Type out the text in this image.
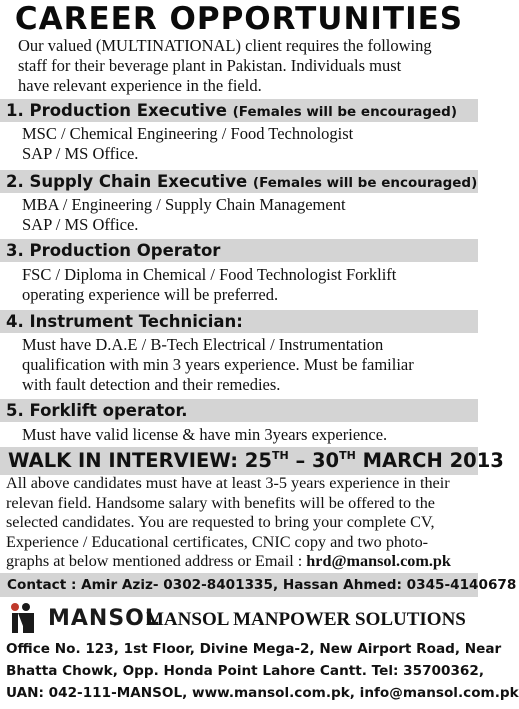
CAREER OPPORTUNITIES
Our valued (MULTINATIONAL) client requires the following
staff for their beverage plant in Pakistan. Individuals must
have relevant experience in the field.
1. Production Executive (Females will be encouraged)
MSC / Chemical Engineering / Food Technologist
SAP / MS Office.
2. Supply Chain Executive (Females will be encouraged)
MBA / Engineering / Supply Chain Management
SAP / MS Office.
3. Production Operator
FSC / Diploma in Chemical / Food Technologist Forklift
operating experience will be preferred.
4. Instrument Technician:
Must have D.A.E / B-Tech Electrical / Instrumentation
qualification with min 3 years experience. Must be familiar
with fault detection and their remedies.
5. Forklift operator.
Must have valid license & have min 3years experience.
WALK IN INTERVIEW: 25TH – 30TH MARCH 2013
All above candidates must have at least 3-5 years experience in their
relevan field. Handsome salary with benefits will be offered to the
selected candidates. You are requested to bring your complete CV,
Experience / Educational certificates, CNIC copy and two photo-
graphs at below mentioned address or Email : hrd@mansol.com.pk
Contact : Amir Aziz- 0302-8401335, Hassan Ahmed: 0345-4140678
MANSOL
MANSOL MANPOWER SOLUTIONS
Office No. 123, 1st Floor, Divine Mega-2, New Airport Road, Near
Bhatta Chowk, Opp. Honda Point Lahore Cantt. Tel: 35700362,
UAN: 042-111-MANSOL, www.mansol.com.pk, info@mansol.com.pk
